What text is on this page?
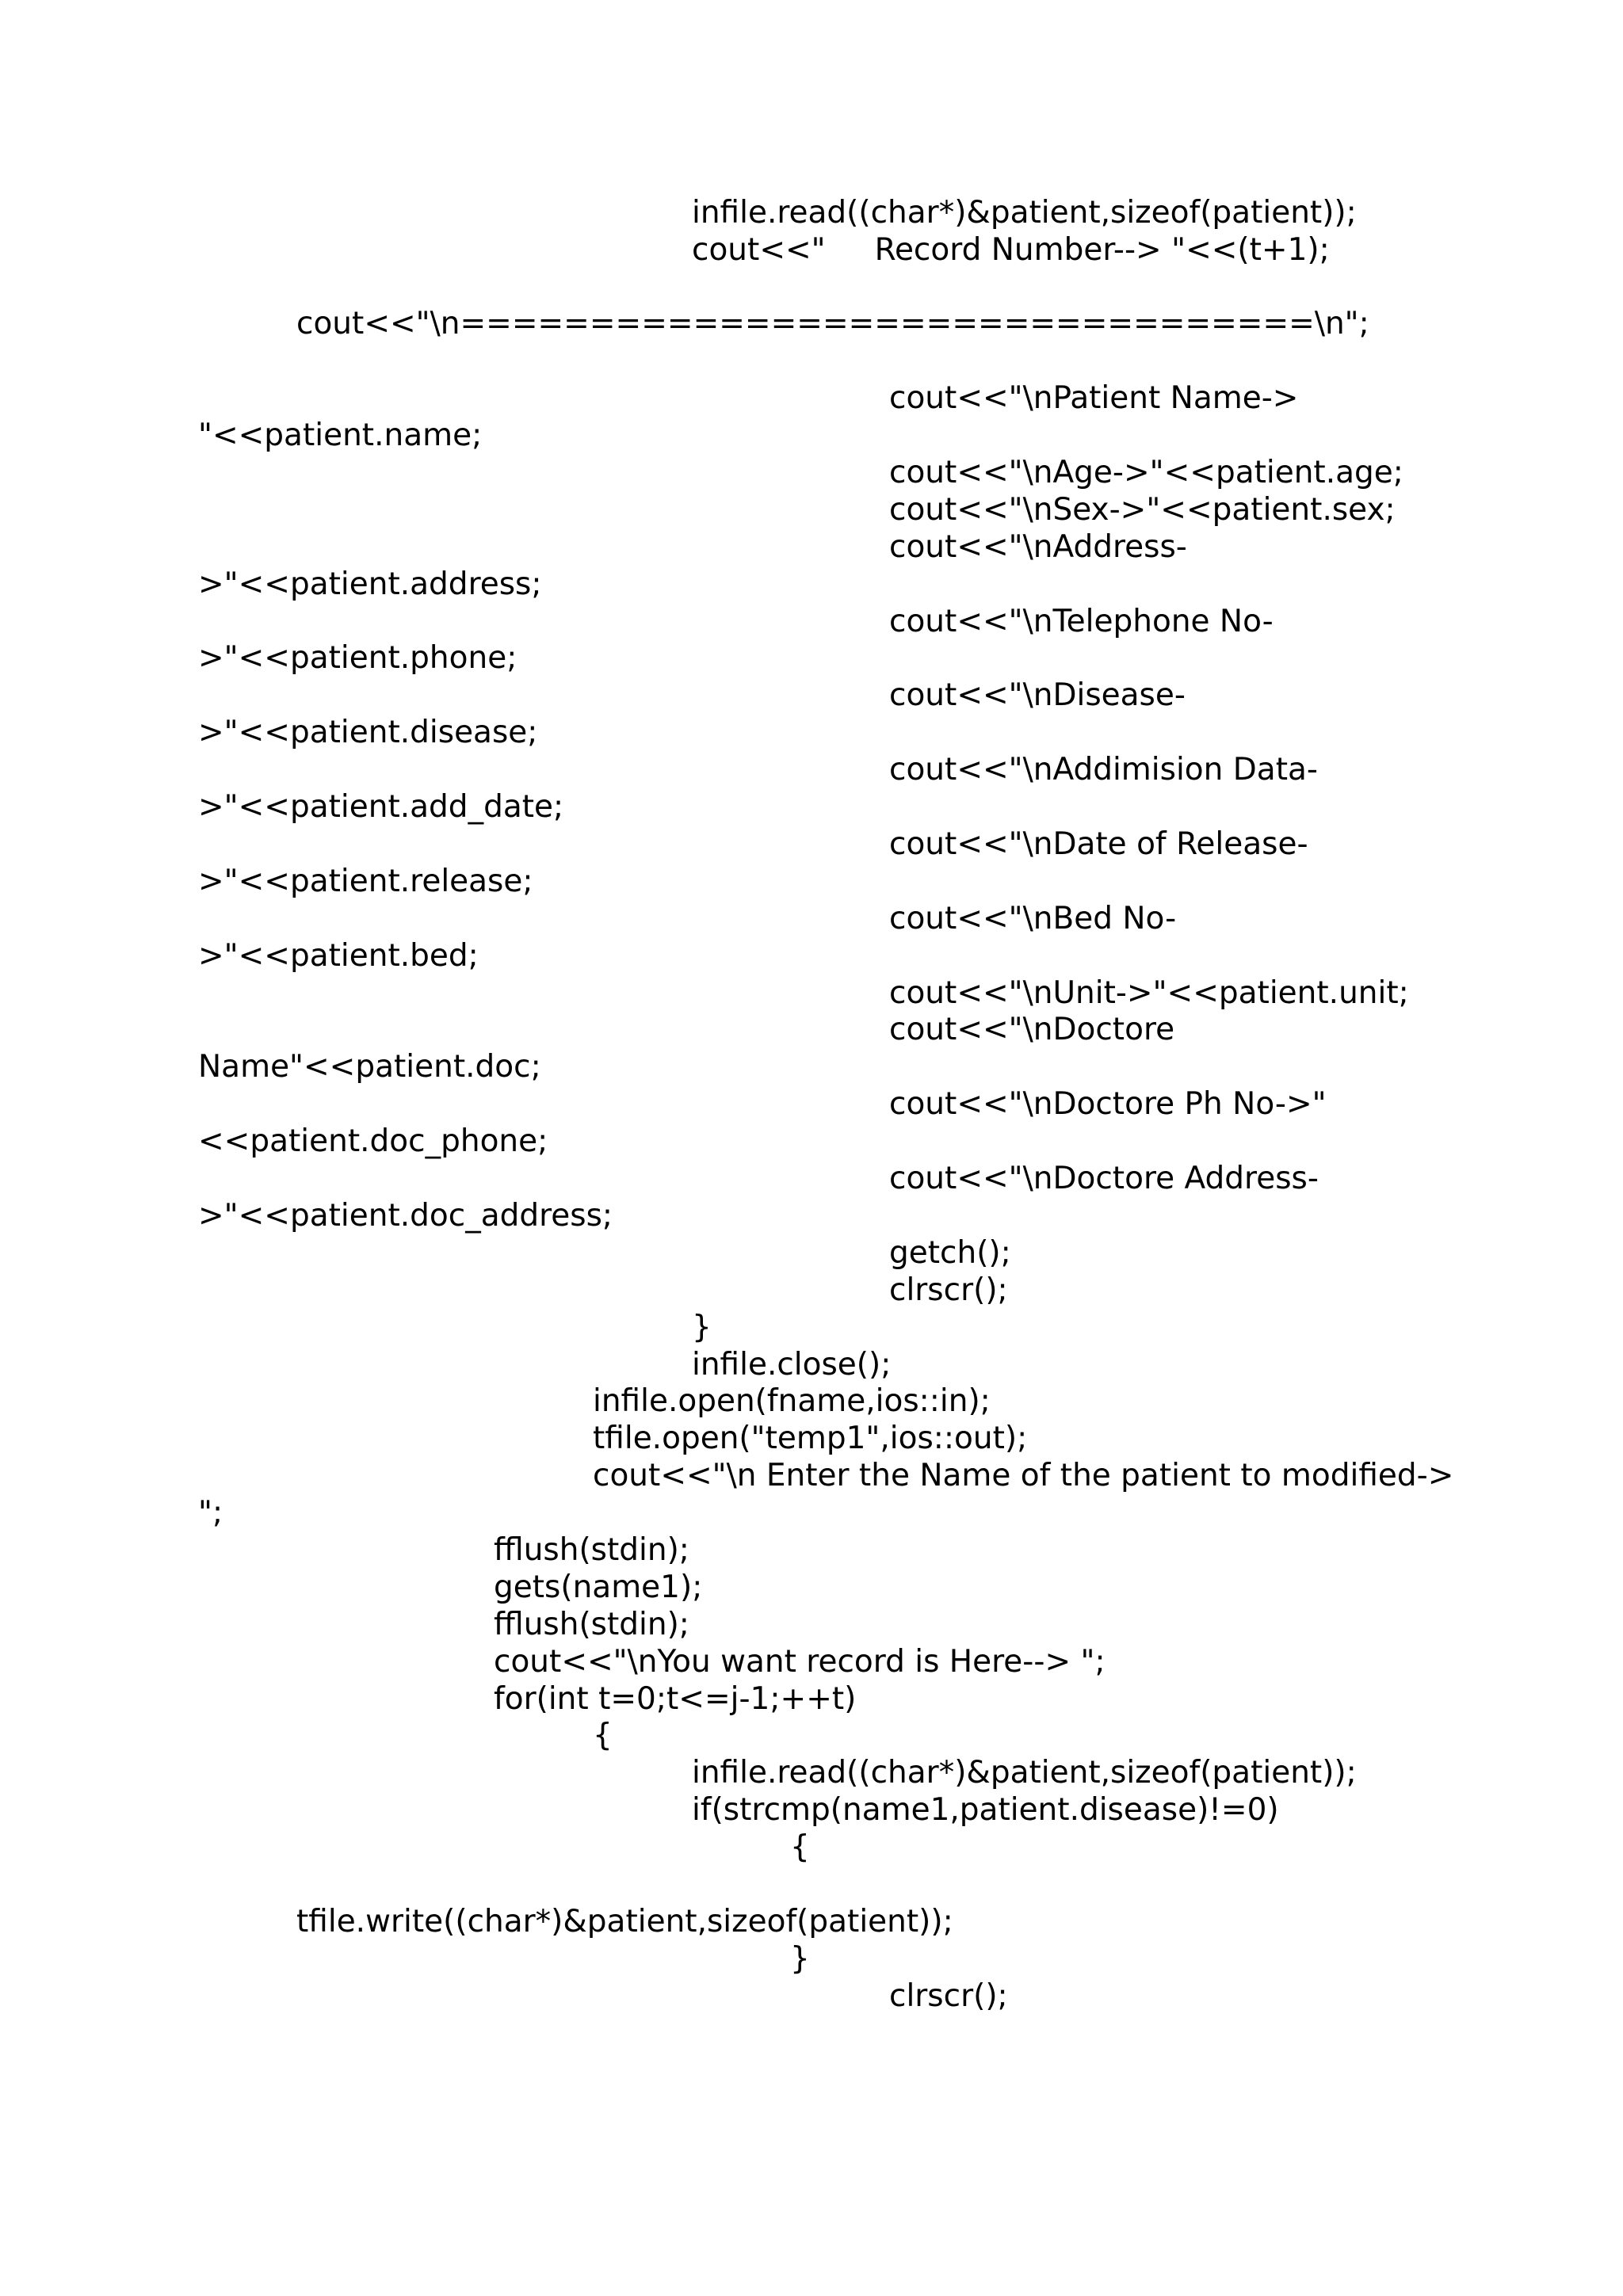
infile.read((char*)&patient,sizeof(patient));

cout<<"     Record Number--> "<<(t+1);

cout<<"\n=================================\n";

cout<<"\nPatient Name->

"<<patient.name;

cout<<"\nAge->"<<patient.age;

cout<<"\nSex->"<<patient.sex;

cout<<"\nAddress-

>"<<patient.address;

cout<<"\nTelephone No-

>"<<patient.phone;

cout<<"\nDisease-

>"<<patient.disease;

cout<<"\nAddimision Data-

>"<<patient.add_date;

cout<<"\nDate of Release-

>"<<patient.release;

cout<<"\nBed No-

>"<<patient.bed;

cout<<"\nUnit->"<<patient.unit;

cout<<"\nDoctore

Name"<<patient.doc;

cout<<"\nDoctore Ph No->"

<<patient.doc_phone;

cout<<"\nDoctore Address-

>"<<patient.doc_address;

getch();

clrscr();

}

infile.close();

infile.open(fname,ios::in);

tfile.open("temp1",ios::out);

cout<<"\n Enter the Name of the patient to modified->

";

fflush(stdin);

gets(name1);

fflush(stdin);

cout<<"\nYou want record is Here--> ";

for(int t=0;t<=j-1;++t)

{

infile.read((char*)&patient,sizeof(patient));

if(strcmp(name1,patient.disease)!=0)

{

tfile.write((char*)&patient,sizeof(patient));

}

clrscr();
